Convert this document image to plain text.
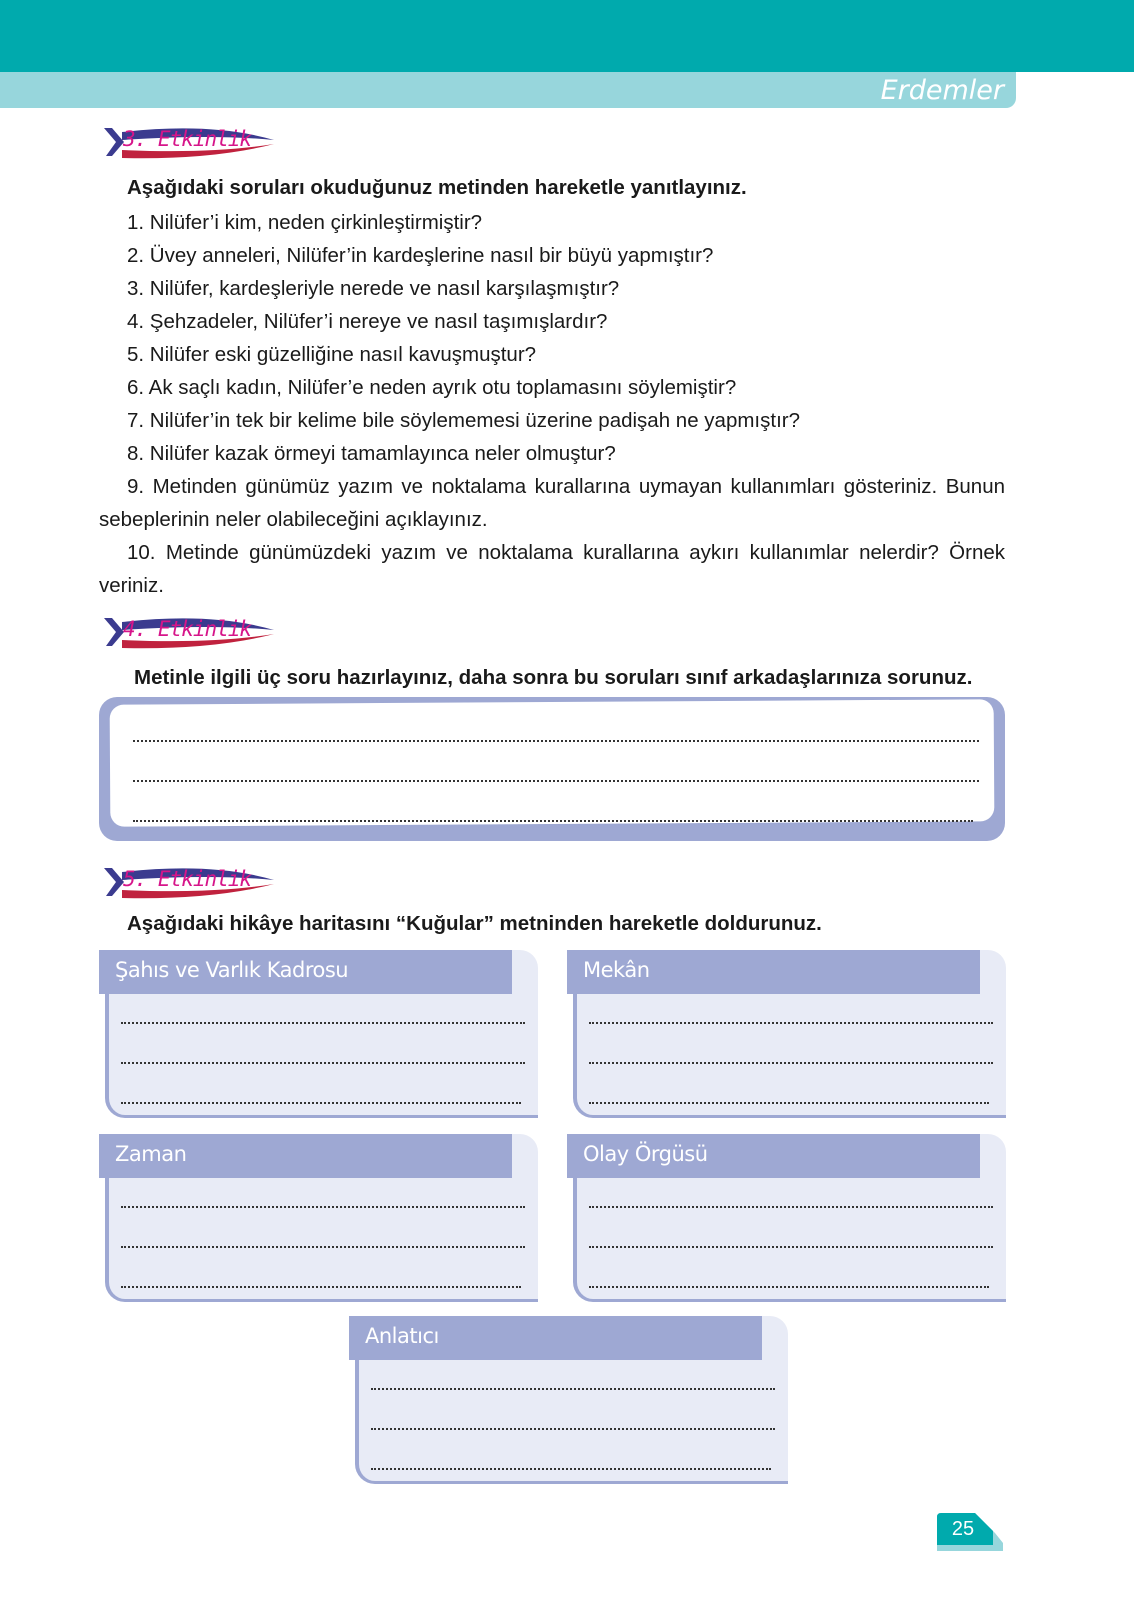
Erdemler
3. Etkinlik
Aşağıdaki soruları okuduğunuz metinden hareketle yanıtlayınız.
1. Nilüfer’i kim, neden çirkinleştirmiştir?
2. Üvey anneleri, Nilüfer’in kardeşlerine nasıl bir büyü yapmıştır?
3. Nilüfer, kardeşleriyle nerede ve nasıl karşılaşmıştır?
4. Şehzadeler, Nilüfer’i nereye ve nasıl taşımışlardır?
5. Nilüfer eski güzelliğine nasıl kavuşmuştur?
6. Ak saçlı kadın, Nilüfer’e neden ayrık otu toplamasını söylemiştir?
7. Nilüfer’in tek bir kelime bile söylememesi üzerine padişah ne yapmıştır?
8. Nilüfer kazak örmeyi tamamlayınca neler olmuştur?
9. Metinden günümüz yazım ve noktalama kurallarına uymayan kullanımları gösteriniz. Bunun sebeplerinin neler olabileceğini açıklayınız.
10. Metinde günümüzdeki yazım ve noktalama kurallarına aykırı kullanımlar nelerdir? Örnek veriniz.
4. Etkinlik
Metinle ilgili üç soru hazırlayınız, daha sonra bu soruları sınıf arkadaşlarınıza sorunuz.
5. Etkinlik
Aşağıdaki hikâye haritasını “Kuğular” metninden hareketle doldurunuz.
Şahıs ve Varlık Kadrosu	Mekân
Zaman	Olay Örgüsü
Anlatıcı
25
